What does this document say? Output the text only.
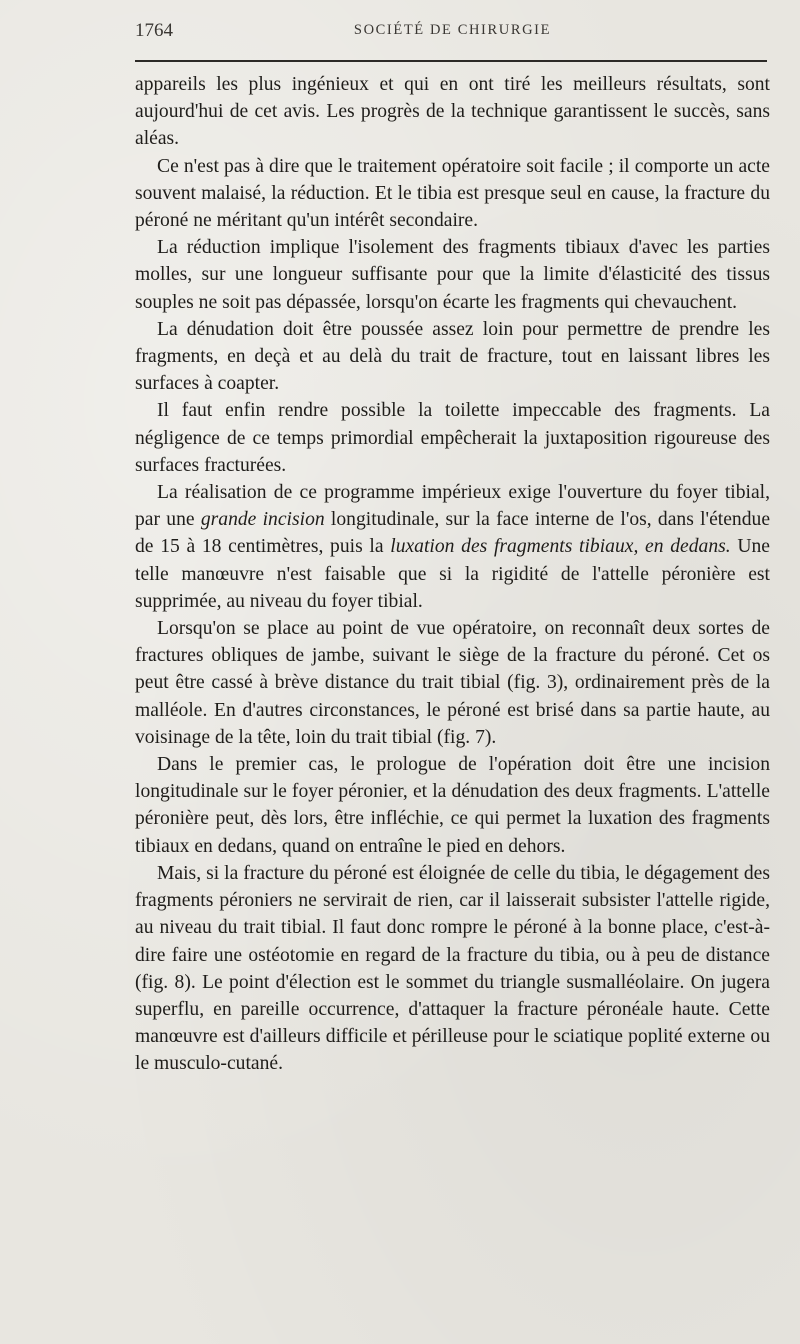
1764	SOCIÉTÉ DE CHIRURGIE

appareils les plus ingénieux et qui en ont tiré les meilleurs résultats, sont aujourd'hui de cet avis. Les progrès de la technique garantissent le succès, sans aléas.

Ce n'est pas à dire que le traitement opératoire soit facile ; il comporte un acte souvent malaisé, la réduction. Et le tibia est presque seul en cause, la fracture du péroné ne méritant qu'un intérêt secondaire.

La réduction implique l'isolement des fragments tibiaux d'avec les parties molles, sur une longueur suffisante pour que la limite d'élasticité des tissus souples ne soit pas dépassée, lorsqu'on écarte les fragments qui chevauchent.

La dénudation doit être poussée assez loin pour permettre de prendre les fragments, en deçà et au delà du trait de fracture, tout en laissant libres les surfaces à coapter.

Il faut enfin rendre possible la toilette impeccable des fragments. La négligence de ce temps primordial empêcherait la juxtaposition rigoureuse des surfaces fracturées.

La réalisation de ce programme impérieux exige l'ouverture du foyer tibial, par une grande incision longitudinale, sur la face interne de l'os, dans l'étendue de 15 à 18 centimètres, puis la luxation des fragments tibiaux, en dedans. Une telle manœuvre n'est faisable que si la rigidité de l'attelle péronière est supprimée, au niveau du foyer tibial.

Lorsqu'on se place au point de vue opératoire, on reconnaît deux sortes de fractures obliques de jambe, suivant le siège de la fracture du péroné. Cet os peut être cassé à brève distance du trait tibial (fig. 3), ordinairement près de la malléole. En d'autres circonstances, le péroné est brisé dans sa partie haute, au voisinage de la tête, loin du trait tibial (fig. 7).

Dans le premier cas, le prologue de l'opération doit être une incision longitudinale sur le foyer péronier, et la dénudation des deux fragments. L'attelle péronière peut, dès lors, être infléchie, ce qui permet la luxation des fragments tibiaux en dedans, quand on entraîne le pied en dehors.

Mais, si la fracture du péroné est éloignée de celle du tibia, le dégagement des fragments péroniers ne servirait de rien, car il laisserait subsister l'attelle rigide, au niveau du trait tibial. Il faut donc rompre le péroné à la bonne place, c'est-à-dire faire une ostéotomie en regard de la fracture du tibia, ou à peu de distance (fig. 8). Le point d'élection est le sommet du triangle susmalléolaire. On jugera superflu, en pareille occurrence, d'attaquer la fracture péronéale haute. Cette manœuvre est d'ailleurs difficile et périlleuse pour le sciatique poplité externe ou le musculo-cutané.
